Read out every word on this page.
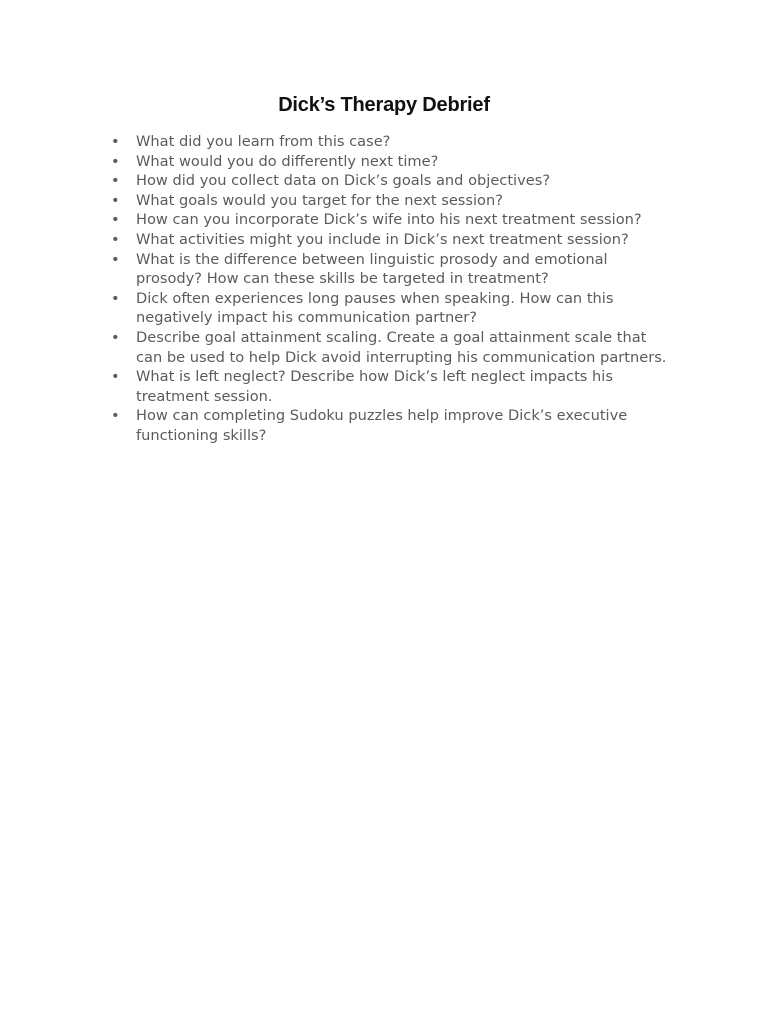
Dick’s Therapy Debrief
• What did you learn from this case?
• What would you do differently next time?
• How did you collect data on Dick’s goals and objectives?
• What goals would you target for the next session?
• How can you incorporate Dick’s wife into his next treatment session?
• What activities might you include in Dick’s next treatment session?
• What is the difference between linguistic prosody and emotional prosody? How can these skills be targeted in treatment?
• Dick often experiences long pauses when speaking. How can this negatively impact his communication partner?
• Describe goal attainment scaling. Create a goal attainment scale that can be used to help Dick avoid interrupting his communication partners.
• What is left neglect? Describe how Dick’s left neglect impacts his treatment session.
• How can completing Sudoku puzzles help improve Dick’s executive functioning skills?
